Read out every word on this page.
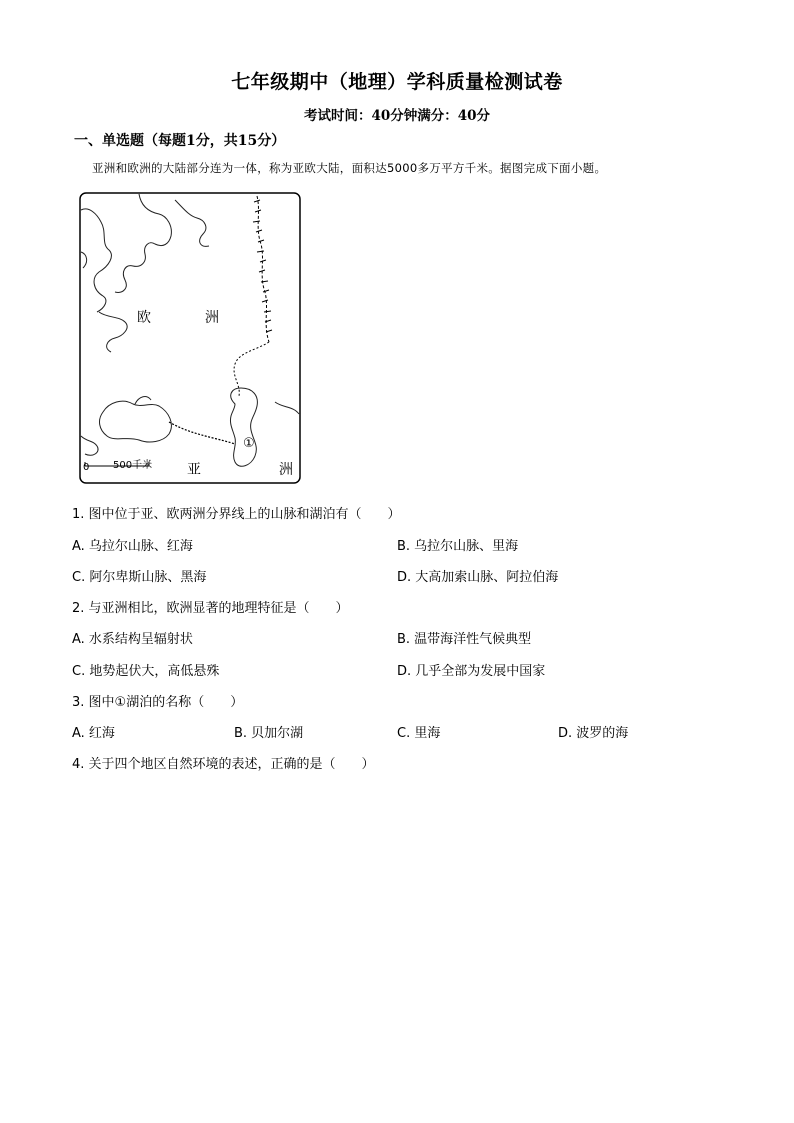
七年级期中（地理）学科质量检测试卷
考试时间：40分钟满分：40分
一、单选题（每题1分，共15分）
亚洲和欧洲的大陆部分连为一体，称为亚欧大陆，面积达5000多万平方千米。据图完成下面小题。
欧	洲
亚	洲
①
0 500千米
1. 图中位于亚、欧两洲分界线上的山脉和湖泊有（　　）
A. 乌拉尔山脉、红海	B. 乌拉尔山脉、里海
C. 阿尔卑斯山脉、黑海	D. 大高加索山脉、阿拉伯海
2. 与亚洲相比，欧洲显著的地理特征是（　　）
A. 水系结构呈辐射状	B. 温带海洋性气候典型
C. 地势起伏大，高低悬殊	D. 几乎全部为发展中国家
3. 图中①湖泊的名称（　　）
A. 红海	B. 贝加尔湖	C. 里海	D. 波罗的海
4. 关于四个地区自然环境的表述，正确的是（　　）
